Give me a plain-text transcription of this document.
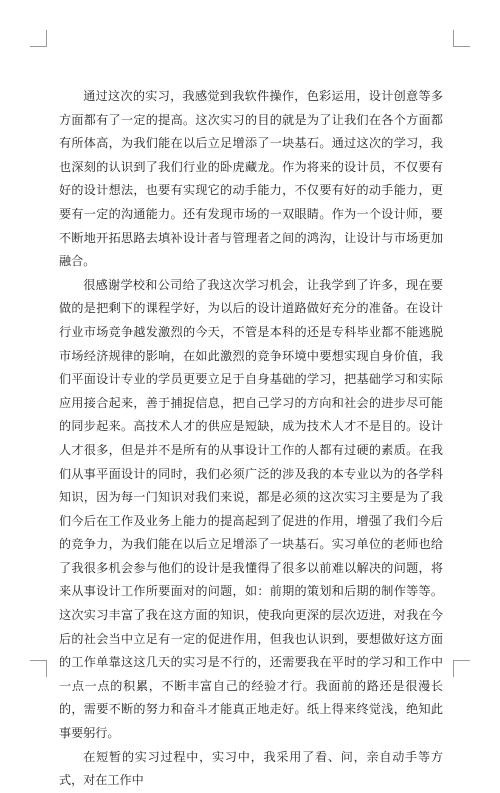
通过这次的实习，我感觉到我软件操作，色彩运用，设计创意等多方面都有了一定的提高。这次实习的目的就是为了让我们在各个方面都有所体高，为我们能在以后立足增添了一块基石。通过这次的学习，我也深刻的认识到了我们行业的卧虎藏龙。作为将来的设计员，不仅要有好的设计想法，也要有实现它的动手能力，不仅要有好的动手能力，更要有一定的沟通能力。还有发现市场的一双眼睛。作为一个设计师，要不断地开拓思路去填补设计者与管理者之间的鸿沟，让设计与市场更加融合。

很感谢学校和公司给了我这次学习机会，让我学到了许多，现在要做的是把剩下的课程学好，为以后的设计道路做好充分的准备。在设计行业市场竞争越发激烈的今天，不管是本科的还是专科毕业都不能逃脱市场经济规律的影响，在如此激烈的竞争环境中要想实现自身价值，我们平面设计专业的学员更要立足于自身基础的学习，把基础学习和实际应用接合起来，善于捕捉信息，把自己学习的方向和社会的进步尽可能的同步起来。高技术人才的供应是短缺，成为技术人才不是目的。设计人才很多，但是并不是所有的从事设计工作的人都有过硬的素质。在我们从事平面设计的同时，我们必须广泛的涉及我的本专业以为的各学科知识，因为每一门知识对我们来说，都是必须的这次实习主要是为了我们今后在工作及业务上能力的提高起到了促进的作用，增强了我们今后的竞争力，为我们能在以后立足增添了一块基石。实习单位的老师也给了我很多机会参与他们的设计是我懂得了很多以前难以解决的问题，将来从事设计工作所要面对的问题，如：前期的策划和后期的制作等等。这次实习丰富了我在这方面的知识，使我向更深的层次迈进，对我在今后的社会当中立足有一定的促进作用，但我也认识到，要想做好这方面的工作单靠这这几天的实习是不行的，还需要我在平时的学习和工作中一点一点的积累，不断丰富自己的经验才行。我面前的路还是很漫长的，需要不断的努力和奋斗才能真正地走好。纸上得来终觉浅，绝知此事要躬行。

在短暂的实习过程中，实习中，我采用了看、问，亲自动手等方式，对在工作中
